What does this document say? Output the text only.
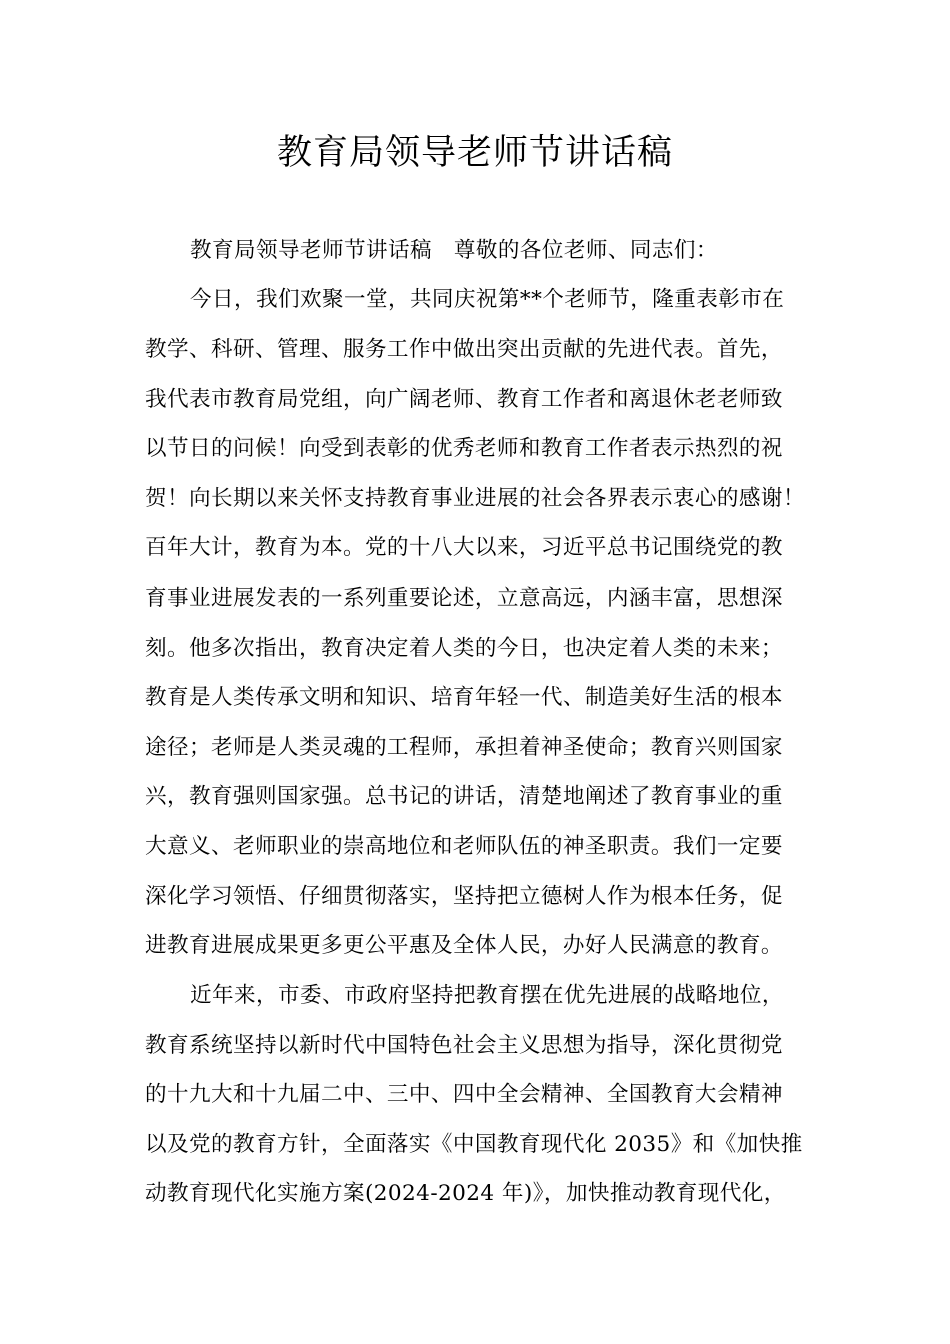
教育局领导老师节讲话稿
教育局领导老师节讲话稿　尊敬的各位老师、同志们：
今日，我们欢聚一堂，共同庆祝第**个老师节，隆重表彰市在
教学、科研、管理、服务工作中做出突出贡献的先进代表。首先，
我代表市教育局党组，向广阔老师、教育工作者和离退休老老师致
以节日的问候！向受到表彰的优秀老师和教育工作者表示热烈的祝
贺！向长期以来关怀支持教育事业进展的社会各界表示衷心的感谢！
百年大计，教育为本。党的十八大以来，习近平总书记围绕党的教
育事业进展发表的一系列重要论述，立意高远，内涵丰富，思想深
刻。他多次指出，教育决定着人类的今日，也决定着人类的未来；
教育是人类传承文明和知识、培育年轻一代、制造美好生活的根本
途径；老师是人类灵魂的工程师，承担着神圣使命；教育兴则国家
兴，教育强则国家强。总书记的讲话，清楚地阐述了教育事业的重
大意义、老师职业的崇高地位和老师队伍的神圣职责。我们一定要
深化学习领悟、仔细贯彻落实，坚持把立德树人作为根本任务，促
进教育进展成果更多更公平惠及全体人民，办好人民满意的教育。
近年来，市委、市政府坚持把教育摆在优先进展的战略地位，
教育系统坚持以新时代中国特色社会主义思想为指导，深化贯彻党
的十九大和十九届二中、三中、四中全会精神、全国教育大会精神
以及党的教育方针，全面落实《中国教育现代化 2035》和《加快推
动教育现代化实施方案(2024-2024 年)》，加快推动教育现代化，
